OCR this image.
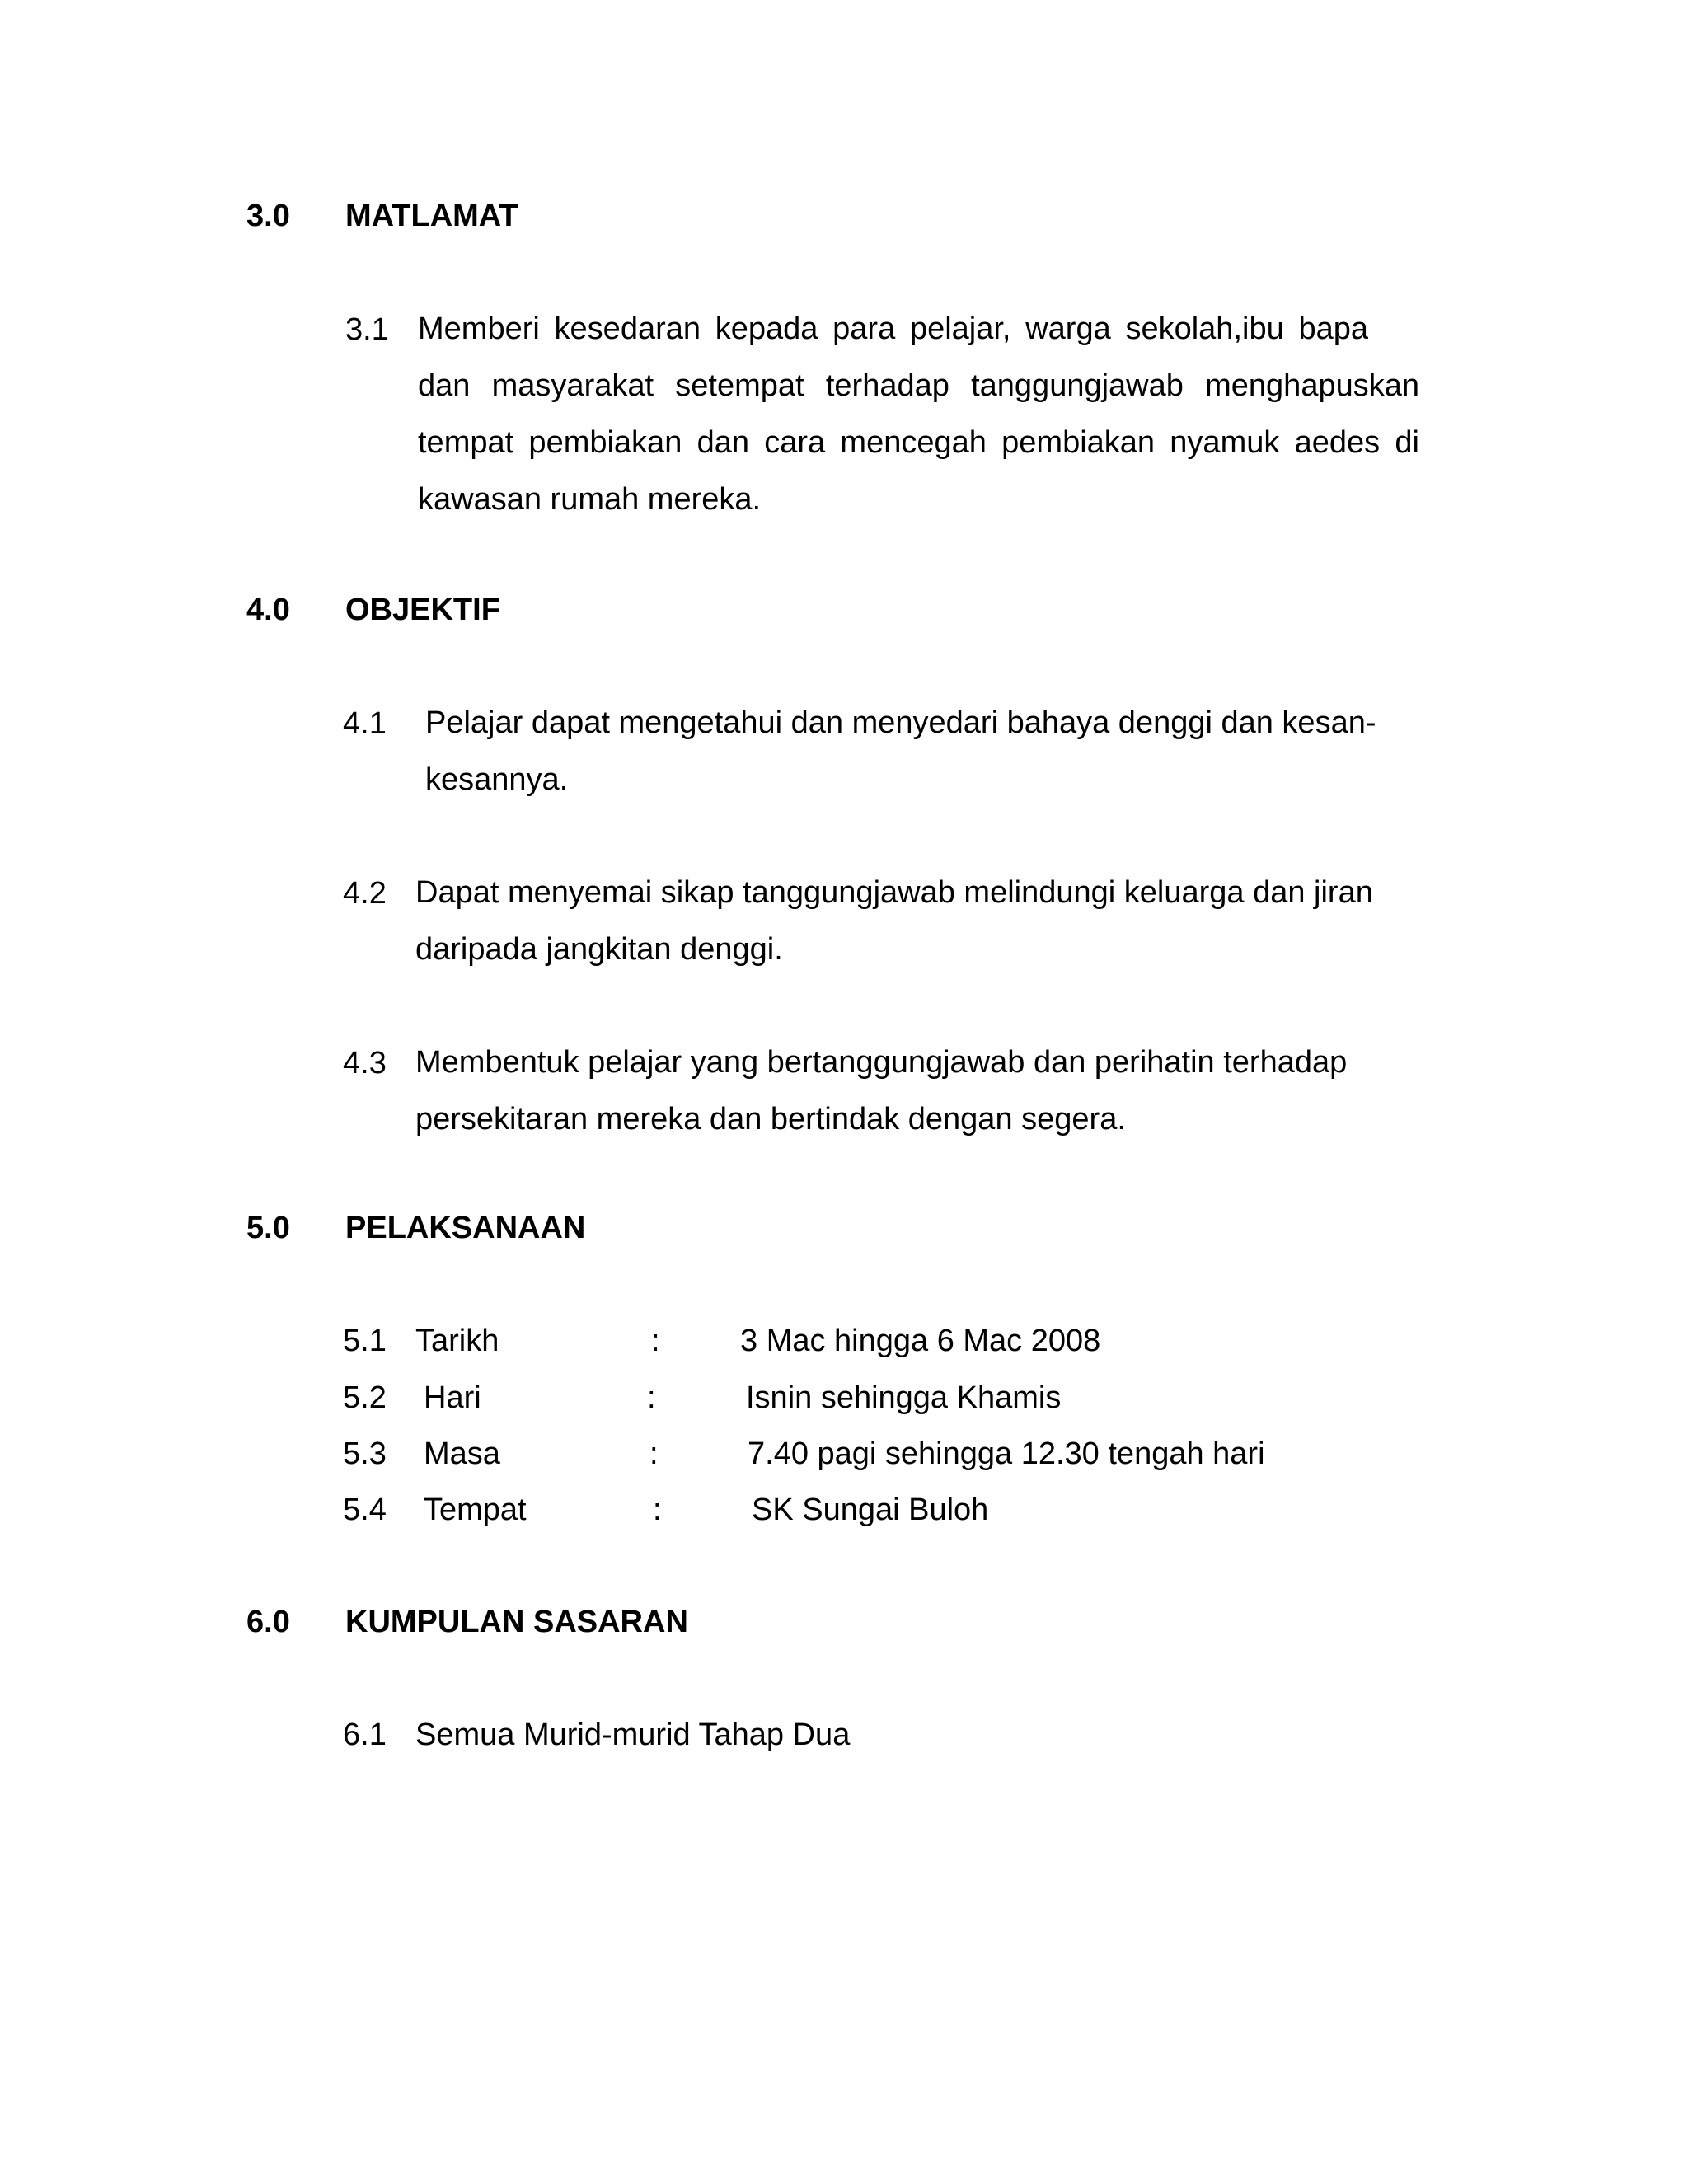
3.0 MATLAMAT
3.1 Memberi kesedaran kepada para pelajar, warga sekolah,ibu bapa
dan masyarakat setempat terhadap tanggungjawab menghapuskan
tempat pembiakan dan cara mencegah pembiakan nyamuk aedes di
kawasan rumah mereka.
4.0 OBJEKTIF
4.1 Pelajar dapat mengetahui dan menyedari bahaya denggi dan kesan-
kesannya.
4.2 Dapat menyemai sikap tanggungjawab melindungi keluarga dan jiran
daripada jangkitan denggi.
4.3 Membentuk pelajar yang bertanggungjawab dan perihatin terhadap
persekitaran mereka dan bertindak dengan segera.
5.0 PELAKSANAAN
5.1 Tarikh	:	3 Mac hingga 6 Mac 2008
5.2 Hari	:	Isnin sehingga Khamis
5.3 Masa	:	7.40 pagi sehingga 12.30 tengah hari
5.4 Tempat	:	SK Sungai Buloh
6.0 KUMPULAN SASARAN
6.1 Semua Murid-murid Tahap Dua
